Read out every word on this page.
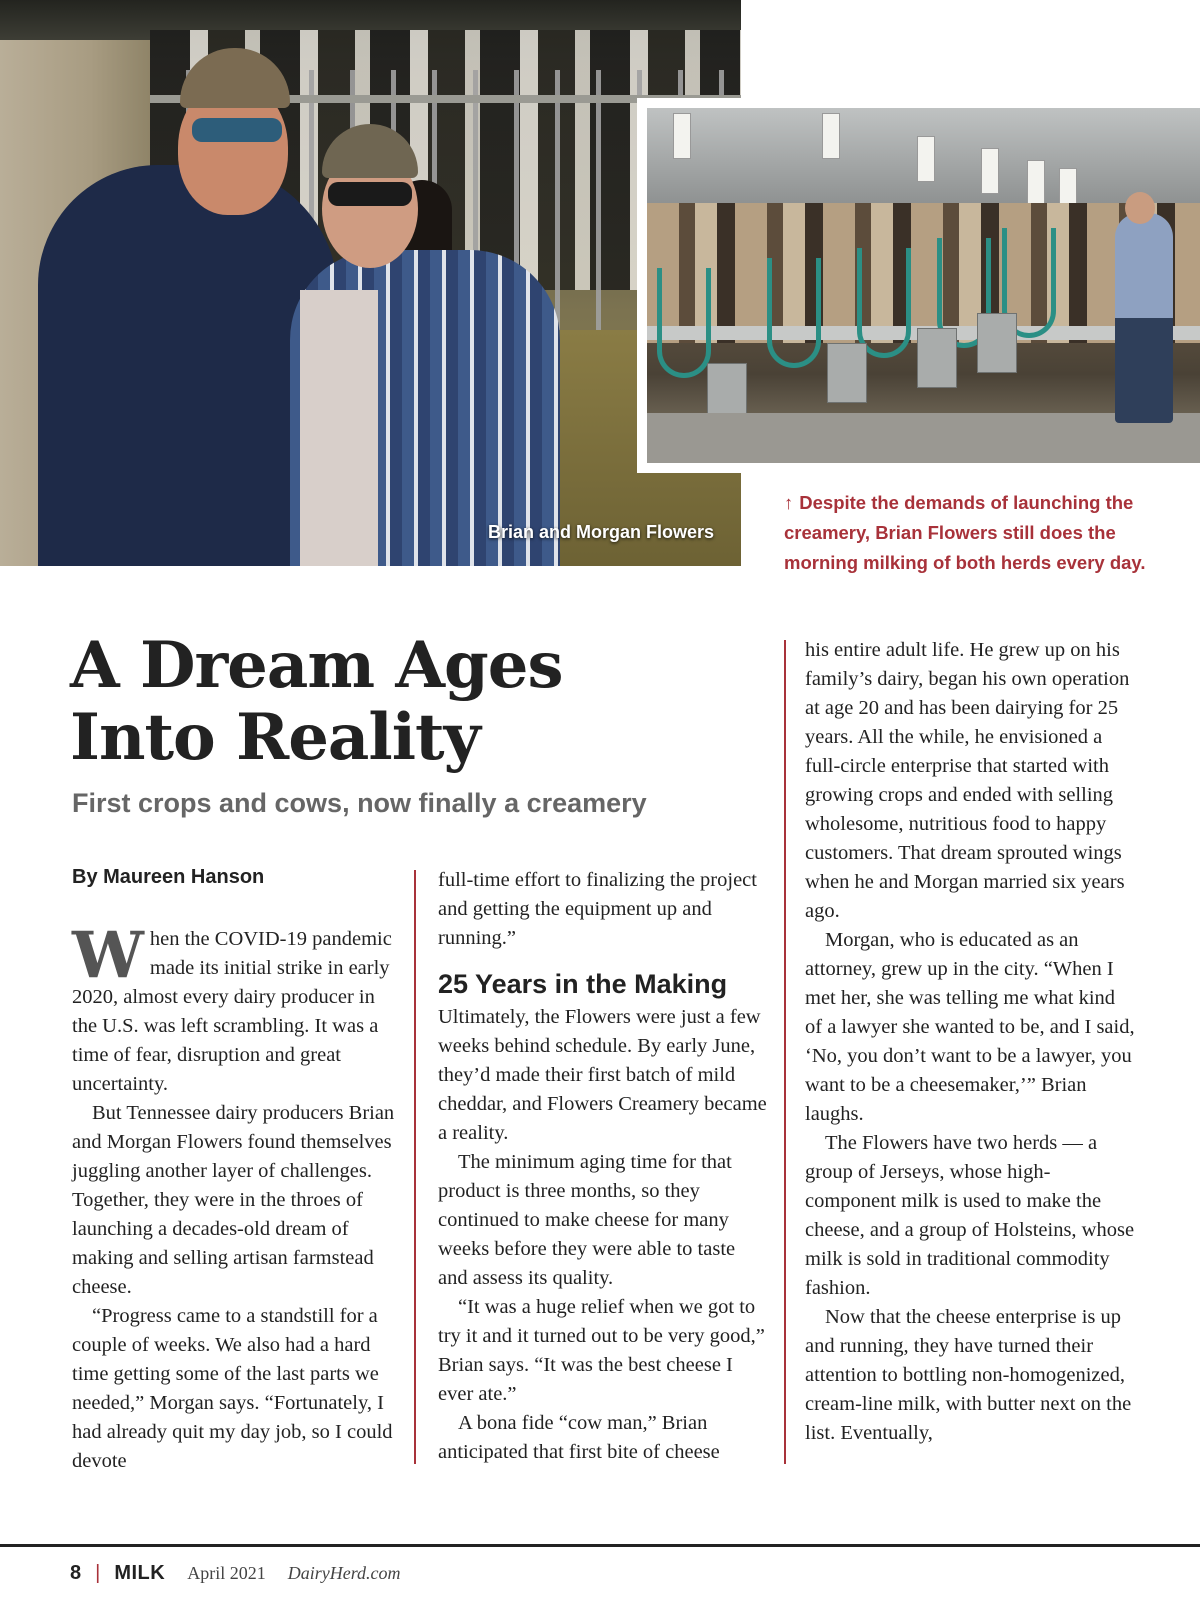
Brian and Morgan Flowers
↑ Despite the demands of launching the creamery, Brian Flowers still does the morning milking of both herds every day.
A Dream Ages
Into Reality
First crops and cows, now finally a creamery
By Maureen Hanson

When the COVID-19 pandemic made its initial strike in early 2020, almost every dairy producer in the U.S. was left scrambling. It was a time of fear, disruption and great uncertainty.

But Tennessee dairy producers Brian and Morgan Flowers found themselves juggling another layer of challenges. Together, they were in the throes of launching a decades-old dream of making and selling artisan farmstead cheese.

“Progress came to a standstill for a couple of weeks. We also had a hard time getting some of the last parts we needed,” Morgan says. “Fortunately, I had already quit my day job, so I could devote

full-time effort to finalizing the project and getting the equipment up and running.”

25 Years in the Making

Ultimately, the Flowers were just a few weeks behind schedule. By early June, they’d made their first batch of mild cheddar, and Flowers Creamery became a reality.

The minimum aging time for that product is three months, so they continued to make cheese for many weeks before they were able to taste and assess its quality.

“It was a huge relief when we got to try it and it turned out to be very good,” Brian says. “It was the best cheese I ever ate.”

A bona fide “cow man,” Brian anticipated that first bite of cheese

his entire adult life. He grew up on his family’s dairy, began his own operation at age 20 and has been dairying for 25 years. All the while, he envisioned a full-circle enterprise that started with growing crops and ended with selling wholesome, nutritious food to happy customers. That dream sprouted wings when he and Morgan married six years ago.

Morgan, who is educated as an attorney, grew up in the city. “When I met her, she was telling me what kind of a lawyer she wanted to be, and I said, ‘No, you don’t want to be a lawyer, you want to be a cheesemaker,’” Brian laughs.

The Flowers have two herds — a group of Jerseys, whose high-component milk is used to make the cheese, and a group of Holsteins, whose milk is sold in traditional commodity fashion.

Now that the cheese enterprise is up and running, they have turned their attention to bottling non-homogenized, cream-line milk, with butter next on the list. Eventually,

8 | MILK April 2021 DairyHerd.com
